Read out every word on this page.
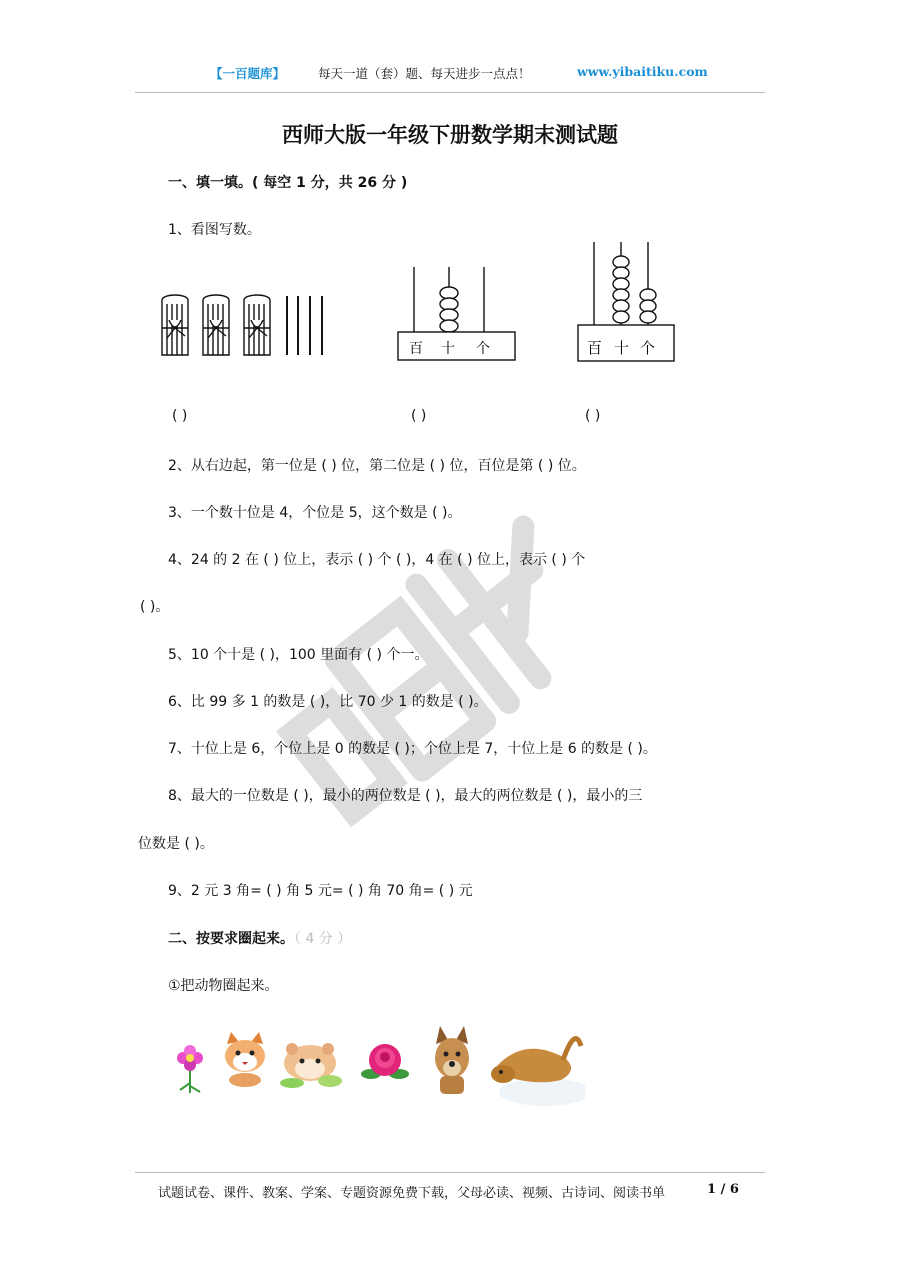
【一百题库】	每天一道（套）题、每天进步一点点！	www.yibaitiku.com
西师大版一年级下册数学期末测试题
一、填一填。( 每空 1 分，共 26 分 )
1、看图写数。
百 十 个	百 十 个
( )	( )	( )
2、从右边起，第一位是 ( ) 位，第二位是 ( ) 位，百位是第 ( ) 位。
3、一个数十位是 4，个位是 5，这个数是 ( )。
4、24 的 2 在 ( ) 位上，表示 ( ) 个 ( )，4 在 ( ) 位上，表示 ( ) 个
( )。
5、10 个十是 ( )，100 里面有 ( ) 个一。
6、比 99 多 1 的数是 ( )，比 70 少 1 的数是 ( )。
7、十位上是 6，个位上是 0 的数是 ( )；个位上是 7，十位上是 6 的数是 ( )。
8、最大的一位数是 ( )，最小的两位数是 ( )，最大的两位数是 ( )，最小的三
位数是 ( )。
9、2 元 3 角= ( ) 角 5 元= ( ) 角 70 角= ( ) 元
二、按要求圈起来。（ 4 分 ）
①把动物圈起来。
试题试卷、课件、教案、学案、专题资源免费下载，父母必读、视频、古诗词、阅读书单	1 / 6
